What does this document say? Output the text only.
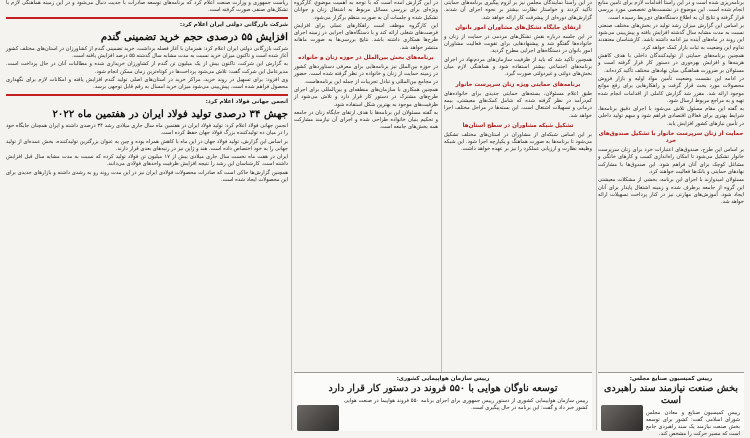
برنامه‌ریزی شده است و در این راستا اقدامات لازم برای تأمین منابع انجام شده است. این موضوع در نشست‌های تخصصی مورد بررسی قرار گرفته و نتایج آن به اطلاع دستگاه‌های ذی‌ربط رسیده است.

بر اساس این گزارش میزان رشد تولید در بخش‌های مختلف صنعتی نسبت به مدت مشابه سال گذشته افزایش یافته و پیش‌بینی می‌شود این روند در ماه‌های آینده نیز ادامه داشته باشد. کارشناسان معتقدند تداوم این وضعیت به ثبات بازار کمک خواهد کرد.

همچنین برنامه‌های حمایتی از تولیدکنندگان داخلی با هدف کاهش هزینه‌ها و افزایش بهره‌وری در دستور کار قرار گرفته است و مسئولان بر ضرورت هماهنگی میان نهادهای مختلف تأکید کرده‌اند.

در ادامه این نشست وضعیت تأمین مواد اولیه و بازار فروش محصولات مورد بحث قرار گرفت و راهکارهایی برای رفع موانع موجود ارائه شد. مقرر شد گزارش کاملی از اقدامات انجام شده تهیه و به مراجع مربوط ارسال شود.

به گفته این مقام مسئول تلاش می‌شود با اجرای دقیق برنامه‌ها، شرایط بهتری برای فعالان اقتصادی فراهم شود و سهم تولید داخلی در تأمین نیازهای کشور افزایش یابد.

حمایت از زنان سرپرست خانوار با تشکیل صندوق‌های خرد

بر اساس این طرح، صندوق‌های اعتبارات خرد برای زنان سرپرست خانوار تشکیل می‌شود تا امکان راه‌اندازی کسب و کارهای خانگی و مشاغل کوچک برای آنان فراهم شود. این صندوق‌ها با مشارکت نهادهای حمایتی و بانک‌ها فعالیت خواهند کرد.

مسئولان امیدوارند با اجرای این برنامه، بخشی از مشکلات معیشتی این گروه از جامعه برطرف شده و زمینه اشتغال پایدار برای آنان ایجاد شود. آموزش‌های مهارتی نیز در کنار پرداخت تسهیلات ارائه خواهد شد.

در این راستا نمایندگان مجلس نیز بر لزوم پیگیری برنامه‌های حمایتی تأکید کردند و خواستار نظارت بیشتر بر نحوه اجرای آن شدند. گزارش‌های دوره‌ای از پیشرفت کار ارائه خواهد شد.

ارتقای جایگاه تشکل‌های مشاوران امور بانوان

در این جلسه درباره نقش تشکل‌های مردمی در حمایت از زنان و خانواده‌ها گفتگو شد و پیشنهادهایی برای تقویت فعالیت مشاوران امور بانوان در دستگاه‌های اجرایی مطرح گردید.

همچنین تأکید شد که باید از ظرفیت سازمان‌های مردم‌نهاد در اجرای برنامه‌های اجتماعی بیشتر استفاده شود و هماهنگی لازم میان بخش‌های دولتی و غیردولتی صورت گیرد.

برنامه‌های حمایتی ویژه زنان سرپرست خانوار

طبق اعلام مسئولان، بسته‌های حمایتی جدیدی برای خانواده‌های کم‌درآمد در نظر گرفته شده که شامل کمک‌های معیشتی، بیمه درمانی و تسهیلات اشتغال است. این بسته‌ها در مراحل مختلف اجرا خواهد شد.

تشکیل شبکه مشاوران در سطح استان‌ها

بر این اساس شبکه‌ای از مشاوران در استان‌های مختلف تشکیل می‌شود تا برنامه‌ها به صورت هماهنگ و یکپارچه اجرا شود. این شبکه وظیفه نظارت و ارزیابی عملکرد را نیز بر عهده خواهد داشت.

در این گزارش آمده است که با توجه به اهمیت موضوع، کارگروه ویژه‌ای برای بررسی مسائل مربوط به اشتغال زنان و جوانان تشکیل شده و جلسات آن به صورت منظم برگزار می‌شود.

این کارگروه موظف است راهکارهای عملی برای افزایش فرصت‌های شغلی ارائه کند و با دستگاه‌های اجرایی در زمینه اجرای طرح‌ها همکاری داشته باشد. نتایج بررسی‌ها به صورت ماهانه منتشر خواهد شد.

برنامه‌های بخش بین‌الملل در حوزه زنان و خانواده

در حوزه بین‌الملل نیز برنامه‌هایی برای معرفی دستاوردهای کشور در زمینه حمایت از زنان و خانواده در نظر گرفته شده است. حضور در مجامع بین‌المللی و تبادل تجربیات از جمله این برنامه‌هاست.

همچنین همکاری با سازمان‌های منطقه‌ای و بین‌المللی برای اجرای طرح‌های مشترک در دستور کار قرار دارد و تلاش می‌شود از ظرفیت‌های موجود به بهترین شکل استفاده شود.

به گفته مسئولان این برنامه‌ها با هدف ارتقای جایگاه زنان در جامعه و تحکیم بنیان خانواده طراحی شده و اجرای آن نیازمند مشارکت همه بخش‌های جامعه است.

ریاست جمهوری و وزارت صنعت اعلام کرد که برنامه‌های توسعه صادرات با جدیت دنبال می‌شود و در این زمینه هماهنگی لازم با تشکل‌های صنفی صورت گرفته است.

شرکت بازرگانی دولتی ایران اعلام کرد:
افزایش ۵۵ درصدی حجم خرید تضمینی گندم

شرکت بازرگانی دولتی ایران اعلام کرد: همزمان با آغاز فصله برداشت، خرید تضمینی گندم از کشاورزان در استان‌های مختلف کشور آغاز شده است و تاکنون میزان خرید نسبت به مدت مشابه سال گذشته ۵۵ درصد افزایش یافته است.

به گزارش این شرکت، تاکنون بیش از یک میلیون تن گندم از کشاورزان خریداری شده و مطالبات آنان در حال پرداخت است. مدیرعامل این شرکت گفت: تلاش می‌شود پرداخت‌ها در کوتاه‌ترین زمان ممکن انجام شود.

وی افزود: برای تسهیل در روند خرید، مراکز خرید در استان‌های اصلی تولید گندم افزایش یافته و امکانات لازم برای نگهداری محصول فراهم شده است. پیش‌بینی می‌شود میزان خرید امسال به رقم قابل توجهی برسد.

انجمن جهانی فولاد اعلام کرد:
جهش ۳۴ درصدی تولید فولاد ایران در هفتمین ماه ۲۰۲۲

انجمن جهانی فولاد اعلام کرد: تولید فولاد ایران در هفتمین ماه سال جاری میلادی رشد ۳۴ درصدی داشته و ایران همچنان جایگاه خود را در میان ده تولیدکننده بزرگ فولاد جهان حفظ کرده است.

بر اساس این گزارش، تولید فولاد جهان در این ماه با کاهش همراه بوده و چین به عنوان بزرگترین تولیدکننده، بخش عمده‌ای از تولید جهانی را به خود اختصاص داده است. هند و ژاپن نیز در رتبه‌های بعدی قرار دارند.

ایران در هفت ماه نخست سال جاری میلادی بیش از ۱۷ میلیون تن فولاد تولید کرده که نسبت به مدت مشابه سال قبل افزایش داشته است. کارشناسان این رشد را نتیجه افزایش ظرفیت واحدهای فولادی می‌دانند.

همچنین گزارش‌ها حاکی است که صادرات محصولات فولادی ایران نیز در این مدت روند رو به رشدی داشته و بازارهای جدیدی برای این محصولات ایجاد شده است.

رییس کمیسیون صنایع مجلس:
بخش صنعت نیازمند سند راهبردی است
رییس کمیسیون صنایع و معادن مجلس شورای اسلامی گفت: کشور برای توسعه بخش صنعت نیازمند یک سند راهبردی جامع است که مسیر حرکت را مشخص کند.
رییس سازمان هواپیمایی کشوری:
توسعه ناوگان هوایی با ۵۵۰ فروند در دستور کار قرار دارد
رییس سازمان هواپیمایی کشوری از دستور رییس جمهوری برای اجرای برنامه ۵۵۰ فروند هواپیما در صنعت هوایی کشور خبر داد و گفت: این برنامه در حال پیگیری است.
